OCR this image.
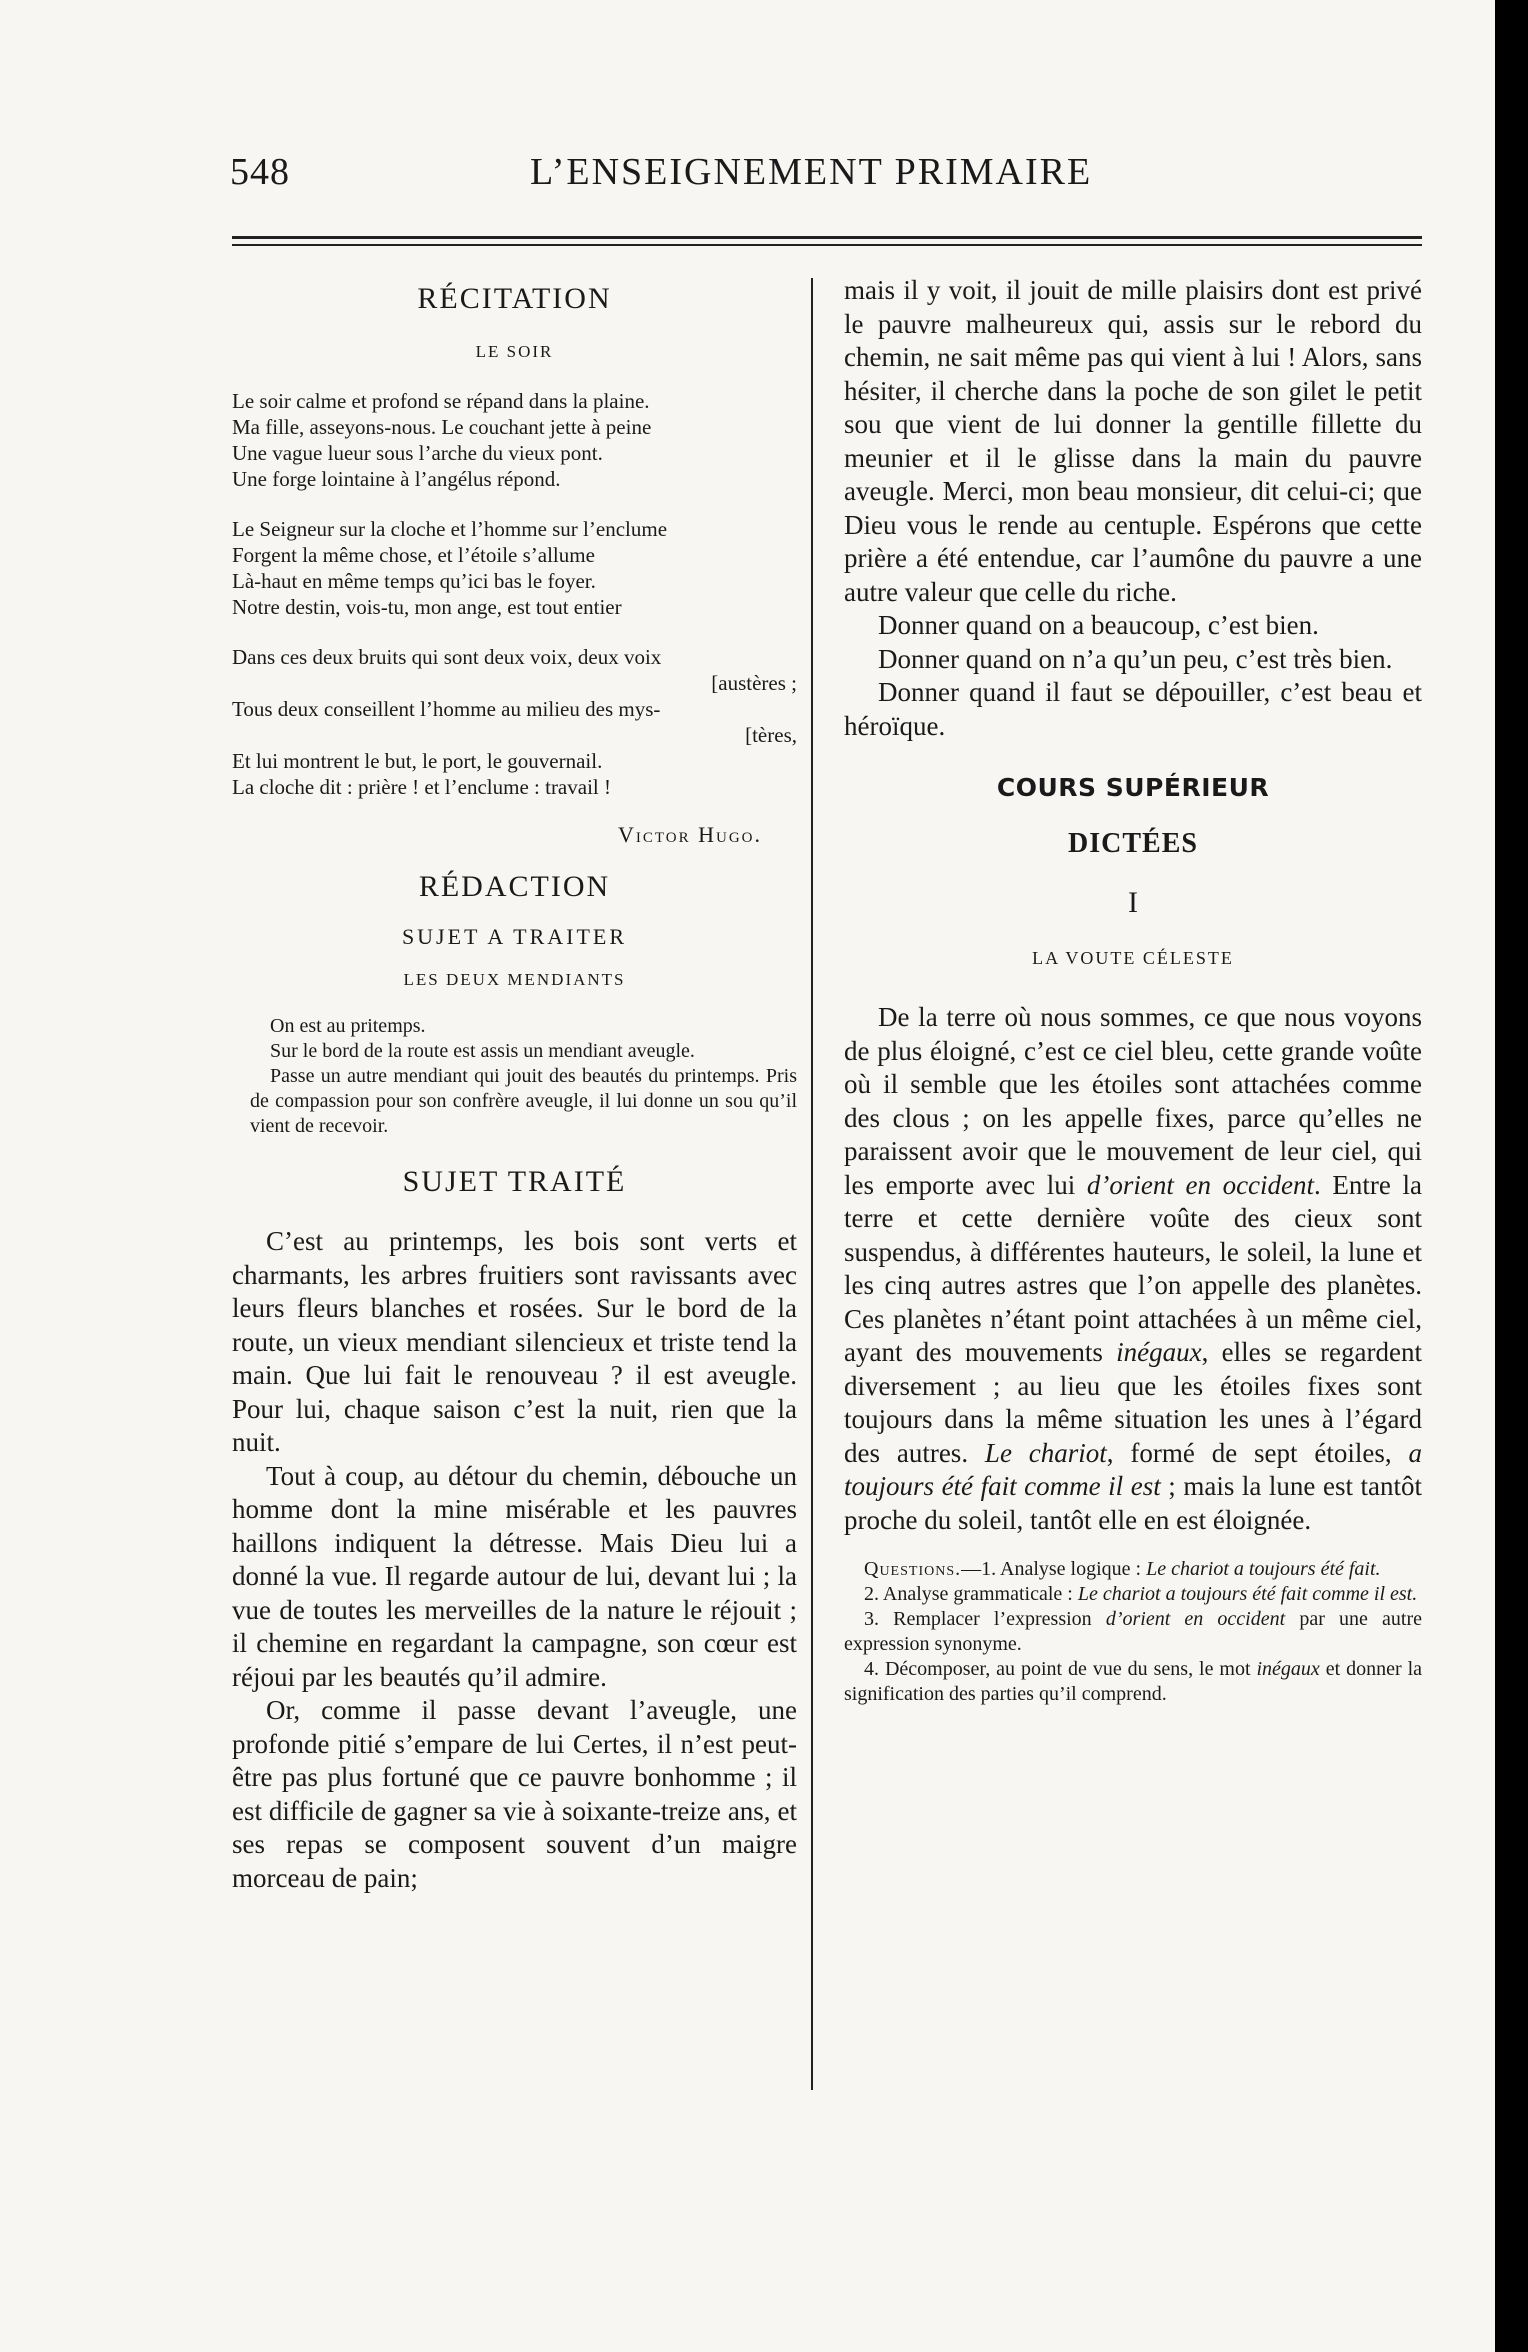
548	L’ENSEIGNEMENT PRIMAIRE
RÉCITATION
LE SOIR
Le soir calme et profond se répand dans la plaine.
Ma fille, asseyons-nous. Le couchant jette à peine
Une vague lueur sous l’arche du vieux pont.
Une forge lointaine à l’angélus répond.
Le Seigneur sur la cloche et l’homme sur l’enclume
Forgent la même chose, et l’étoile s’allume
Là-haut en même temps qu’ici bas le foyer.
Notre destin, vois-tu, mon ange, est tout entier
Dans ces deux bruits qui sont deux voix, deux voix
[austères ;
Tous deux conseillent l’homme au milieu des mys-
[tères,
Et lui montrent le but, le port, le gouvernail.
La cloche dit : prière ! et l’enclume : travail !
Victor Hugo.
RÉDACTION
SUJET A TRAITER
LES DEUX MENDIANTS

On est au pritemps.

Sur le bord de la route est assis un mendiant aveugle.

Passe un autre mendiant qui jouit des beautés du printemps. Pris de compassion pour son confrère aveugle, il lui donne un sou qu’il vient de recevoir.

SUJET TRAITÉ

C’est au printemps, les bois sont verts et charmants, les arbres fruitiers sont ravissants avec leurs fleurs blanches et rosées. Sur le bord de la route, un vieux mendiant silencieux et triste tend la main. Que lui fait le renouveau ? il est aveugle. Pour lui, chaque saison c’est la nuit, rien que la nuit.

Tout à coup, au détour du chemin, débouche un homme dont la mine misérable et les pauvres haillons indiquent la détresse. Mais Dieu lui a donné la vue. Il regarde autour de lui, devant lui ; la vue de toutes les merveilles de la nature le réjouit ; il chemine en regardant la campagne, son cœur est réjoui par les beautés qu’il admire.

Or, comme il passe devant l’aveugle, une profonde pitié s’empare de lui Certes, il n’est peut-être pas plus fortuné que ce pauvre bonhomme ; il est difficile de gagner sa vie à soixante-treize ans, et ses repas se composent souvent d’un maigre morceau de pain;

mais il y voit, il jouit de mille plaisirs dont est privé le pauvre malheureux qui, assis sur le rebord du chemin, ne sait même pas qui vient à lui ! Alors, sans hésiter, il cherche dans la poche de son gilet le petit sou que vient de lui donner la gentille fillette du meunier et il le glisse dans la main du pauvre aveugle. Merci, mon beau monsieur, dit celui-ci; que Dieu vous le rende au centuple. Espérons que cette prière a été entendue, car l’aumône du pauvre a une autre valeur que celle du riche.

Donner quand on a beaucoup, c’est bien.

Donner quand on n’a qu’un peu, c’est très bien.

Donner quand il faut se dépouiller, c’est beau et héroïque.

COURS SUPÉRIEUR
DICTÉES
I
LA VOUTE CÉLESTE

De la terre où nous sommes, ce que nous voyons de plus éloigné, c’est ce ciel bleu, cette grande voûte où il semble que les étoiles sont attachées comme des clous ; on les appelle fixes, parce qu’elles ne paraissent avoir que le mouvement de leur ciel, qui les emporte avec lui d’orient en occident. Entre la terre et cette dernière voûte des cieux sont suspendus, à différentes hauteurs, le soleil, la lune et les cinq autres astres que l’on appelle des planètes. Ces planètes n’étant point attachées à un même ciel, ayant des mouvements inégaux, elles se regardent diversement ; au lieu que les étoiles fixes sont toujours dans la même situation les unes à l’égard des autres. Le chariot, formé de sept étoiles, a toujours été fait comme il est ; mais la lune est tantôt proche du soleil, tantôt elle en est éloignée.

Questions.—1. Analyse logique : Le chariot a toujours été fait.

2. Analyse grammaticale : Le chariot a toujours été fait comme il est.

3. Remplacer l’expression d’orient en occident par une autre expression synonyme.

4. Décomposer, au point de vue du sens, le mot inégaux et donner la signification des parties qu’il comprend.
